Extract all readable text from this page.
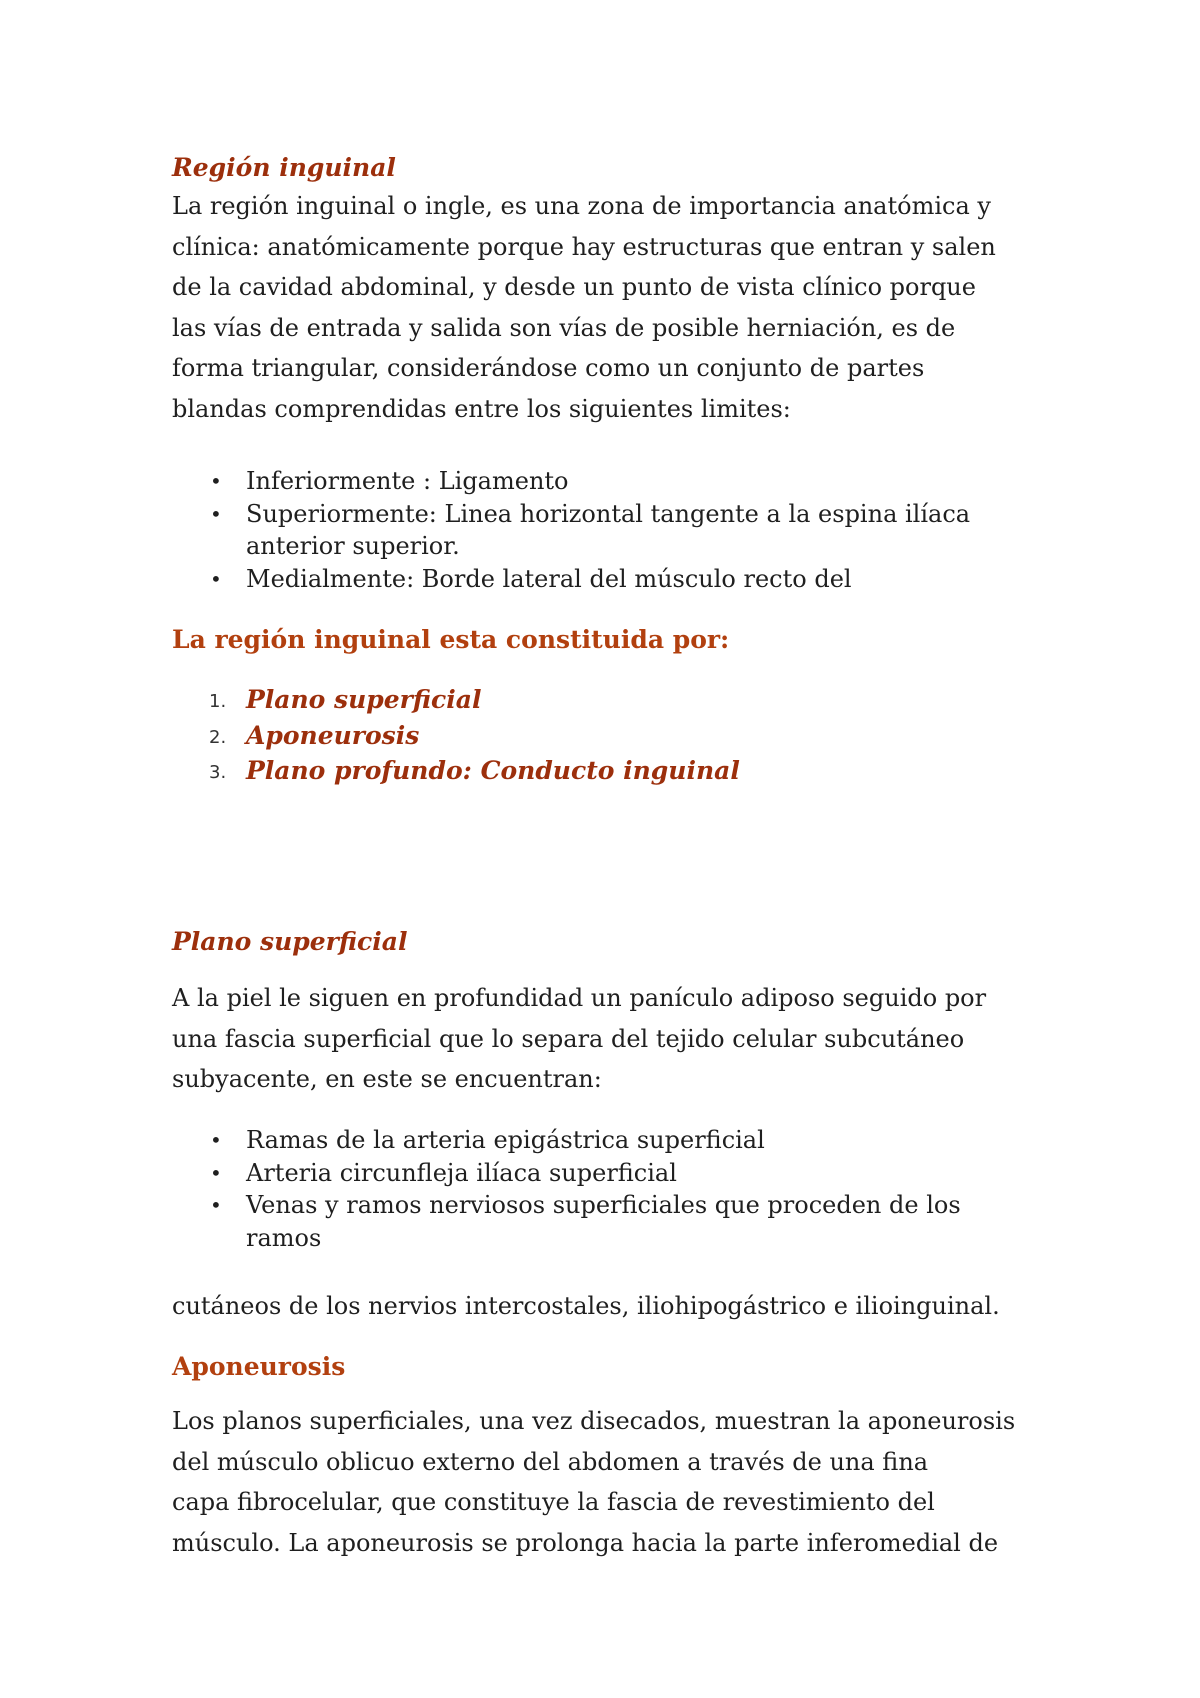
Región inguinal
La región inguinal o ingle, es una zona de importancia anatómica y
clínica: anatómicamente porque hay estructuras que entran y salen
de la cavidad abdominal, y desde un punto de vista clínico porque
las vías de entrada y salida son vías de posible herniación, es de
forma triangular, considerándose como un conjunto de partes
blandas comprendidas entre los siguientes limites:
• Inferiormente : Ligamento
• Superiormente: Linea horizontal tangente a la espina ilíaca
anterior superior.
• Medialmente: Borde lateral del músculo recto del
La región inguinal esta constituida por:
1. Plano superficial
2. Aponeurosis
3. Plano profundo: Conducto inguinal
Plano superficial
A la piel le siguen en profundidad un panículo adiposo seguido por
una fascia superficial que lo separa del tejido celular subcutáneo
subyacente, en este se encuentran:
• Ramas de la arteria epigástrica superficial
• Arteria circunfleja ilíaca superficial
• Venas y ramos nerviosos superficiales que proceden de los
ramos
cutáneos de los nervios intercostales, iliohipogástrico e ilioinguinal.
Aponeurosis
Los planos superficiales, una vez disecados, muestran la aponeurosis
del músculo oblicuo externo del abdomen a través de una fina
capa fibrocelular, que constituye la fascia de revestimiento del
músculo. La aponeurosis se prolonga hacia la parte inferomedial de
